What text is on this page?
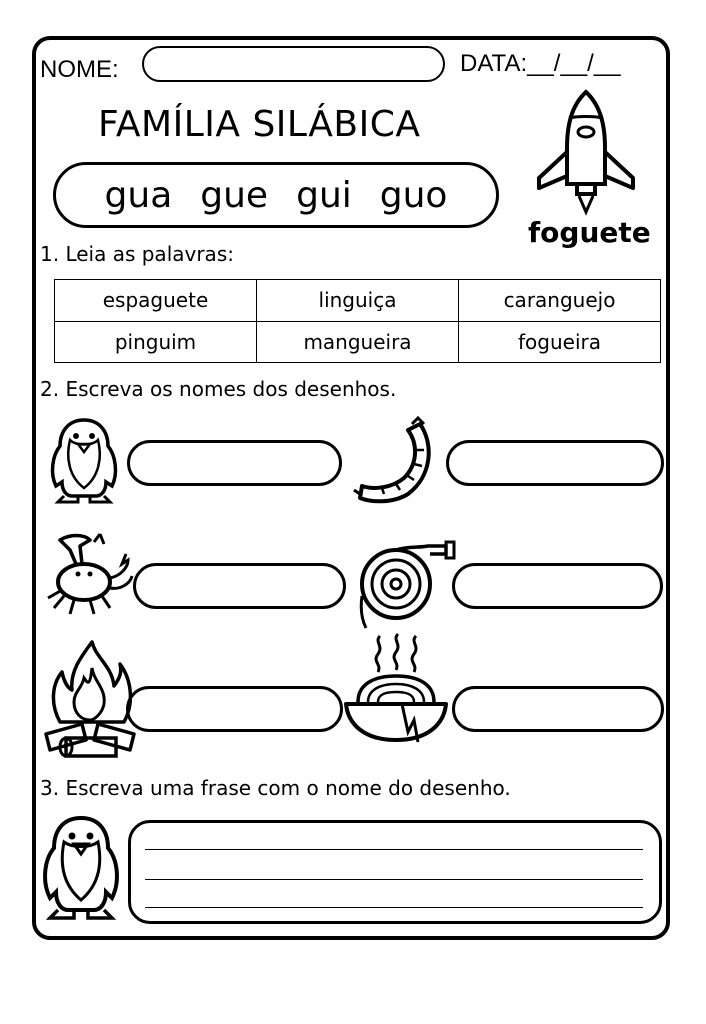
NOME:	DATA:__/__/__
FAMÍLIA SILÁBICA
gua gue gui guo
foguete
1. Leia as palavras:
espaguete	linguiça	caranguejo
pinguim	mangueira	fogueira
2. Escreva os nomes dos desenhos.
3. Escreva uma frase com o nome do desenho.
